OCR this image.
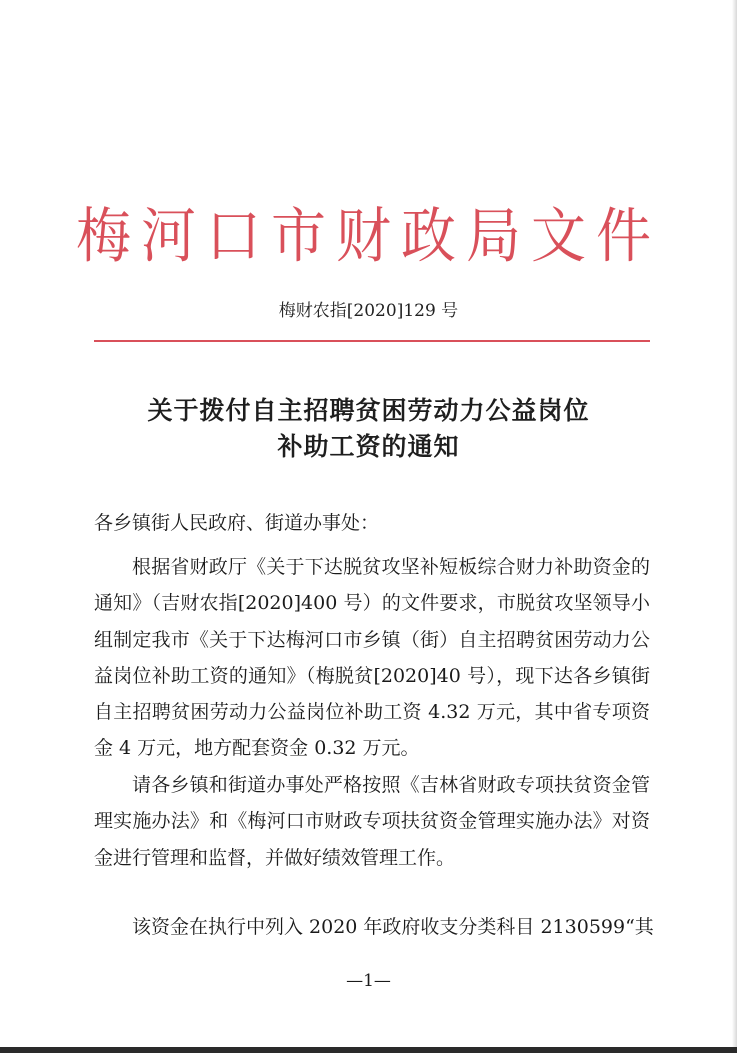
梅河口市财政局文件
梅财农指[2020]129 号
关于拨付自主招聘贫困劳动力公益岗位
补助工资的通知
各乡镇街人民政府、街道办事处：
根据省财政厅《关于下达脱贫攻坚补短板综合财力补助资金的通知》（吉财农指[2020]400 号）的文件要求，市脱贫攻坚领导小组制定我市《关于下达梅河口市乡镇（街）自主招聘贫困劳动力公益岗位补助工资的通知》（梅脱贫[2020]40 号），现下达各乡镇街自主招聘贫困劳动力公益岗位补助工资 4.32 万元，其中省专项资金 4 万元，地方配套资金 0.32 万元。
请各乡镇和街道办事处严格按照《吉林省财政专项扶贫资金管理实施办法》和《梅河口市财政专项扶贫资金管理实施办法》对资金进行管理和监督，并做好绩效管理工作。
该资金在执行中列入 2020 年政府收支分类科目 2130599“其
—1—
